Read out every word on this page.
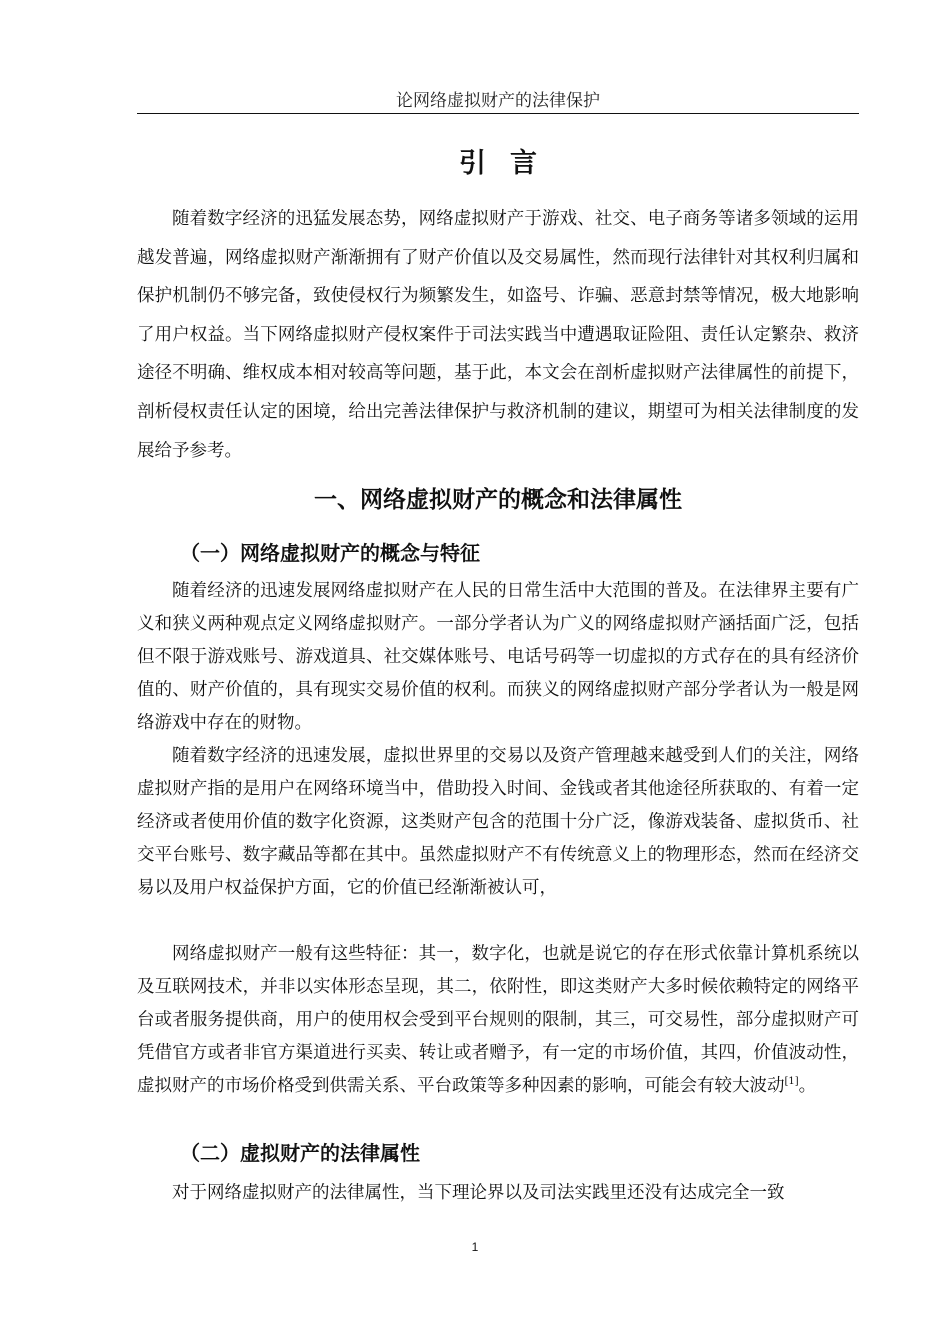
论网络虚拟财产的法律保护
引言

随着数字经济的迅猛发展态势，网络虚拟财产于游戏、社交、电子商务等诸多领域的运用越发普遍，网络虚拟财产渐渐拥有了财产价值以及交易属性，然而现行法律针对其权利归属和保护机制仍不够完备，致使侵权行为频繁发生，如盗号、诈骗、恶意封禁等情况，极大地影响了用户权益。当下网络虚拟财产侵权案件于司法实践当中遭遇取证险阻、责任认定繁杂、救济途径不明确、维权成本相对较高等问题，基于此，本文会在剖析虚拟财产法律属性的前提下，剖析侵权责任认定的困境，给出完善法律保护与救济机制的建议，期望可为相关法律制度的发展给予参考。

一、网络虚拟财产的概念和法律属性
（一）网络虚拟财产的概念与特征

随着经济的迅速发展网络虚拟财产在人民的日常生活中大范围的普及。在法律界主要有广义和狭义两种观点定义网络虚拟财产。一部分学者认为广义的网络虚拟财产涵括面广泛，包括但不限于游戏账号、游戏道具、社交媒体账号、电话号码等一切虚拟的方式存在的具有经济价值的、财产价值的，具有现实交易价值的权利。而狭义的网络虚拟财产部分学者认为一般是网络游戏中存在的财物。

随着数字经济的迅速发展，虚拟世界里的交易以及资产管理越来越受到人们的关注，网络虚拟财产指的是用户在网络环境当中，借助投入时间、金钱或者其他途径所获取的、有着一定经济或者使用价值的数字化资源，这类财产包含的范围十分广泛，像游戏装备、虚拟货币、社交平台账号、数字藏品等都在其中。虽然虚拟财产不有传统意义上的物理形态，然而在经济交易以及用户权益保护方面，它的价值已经渐渐被认可，

网络虚拟财产一般有这些特征：其一，数字化，也就是说它的存在形式依靠计算机系统以及互联网技术，并非以实体形态呈现，其二，依附性，即这类财产大多时候依赖特定的网络平台或者服务提供商，用户的使用权会受到平台规则的限制，其三，可交易性，部分虚拟财产可凭借官方或者非官方渠道进行买卖、转让或者赠予，有一定的市场价值，其四，价值波动性，虚拟财产的市场价格受到供需关系、平台政策等多种因素的影响，可能会有较大波动[1]。

（二）虚拟财产的法律属性

对于网络虚拟财产的法律属性，当下理论界以及司法实践里还没有达成完全一致

1
